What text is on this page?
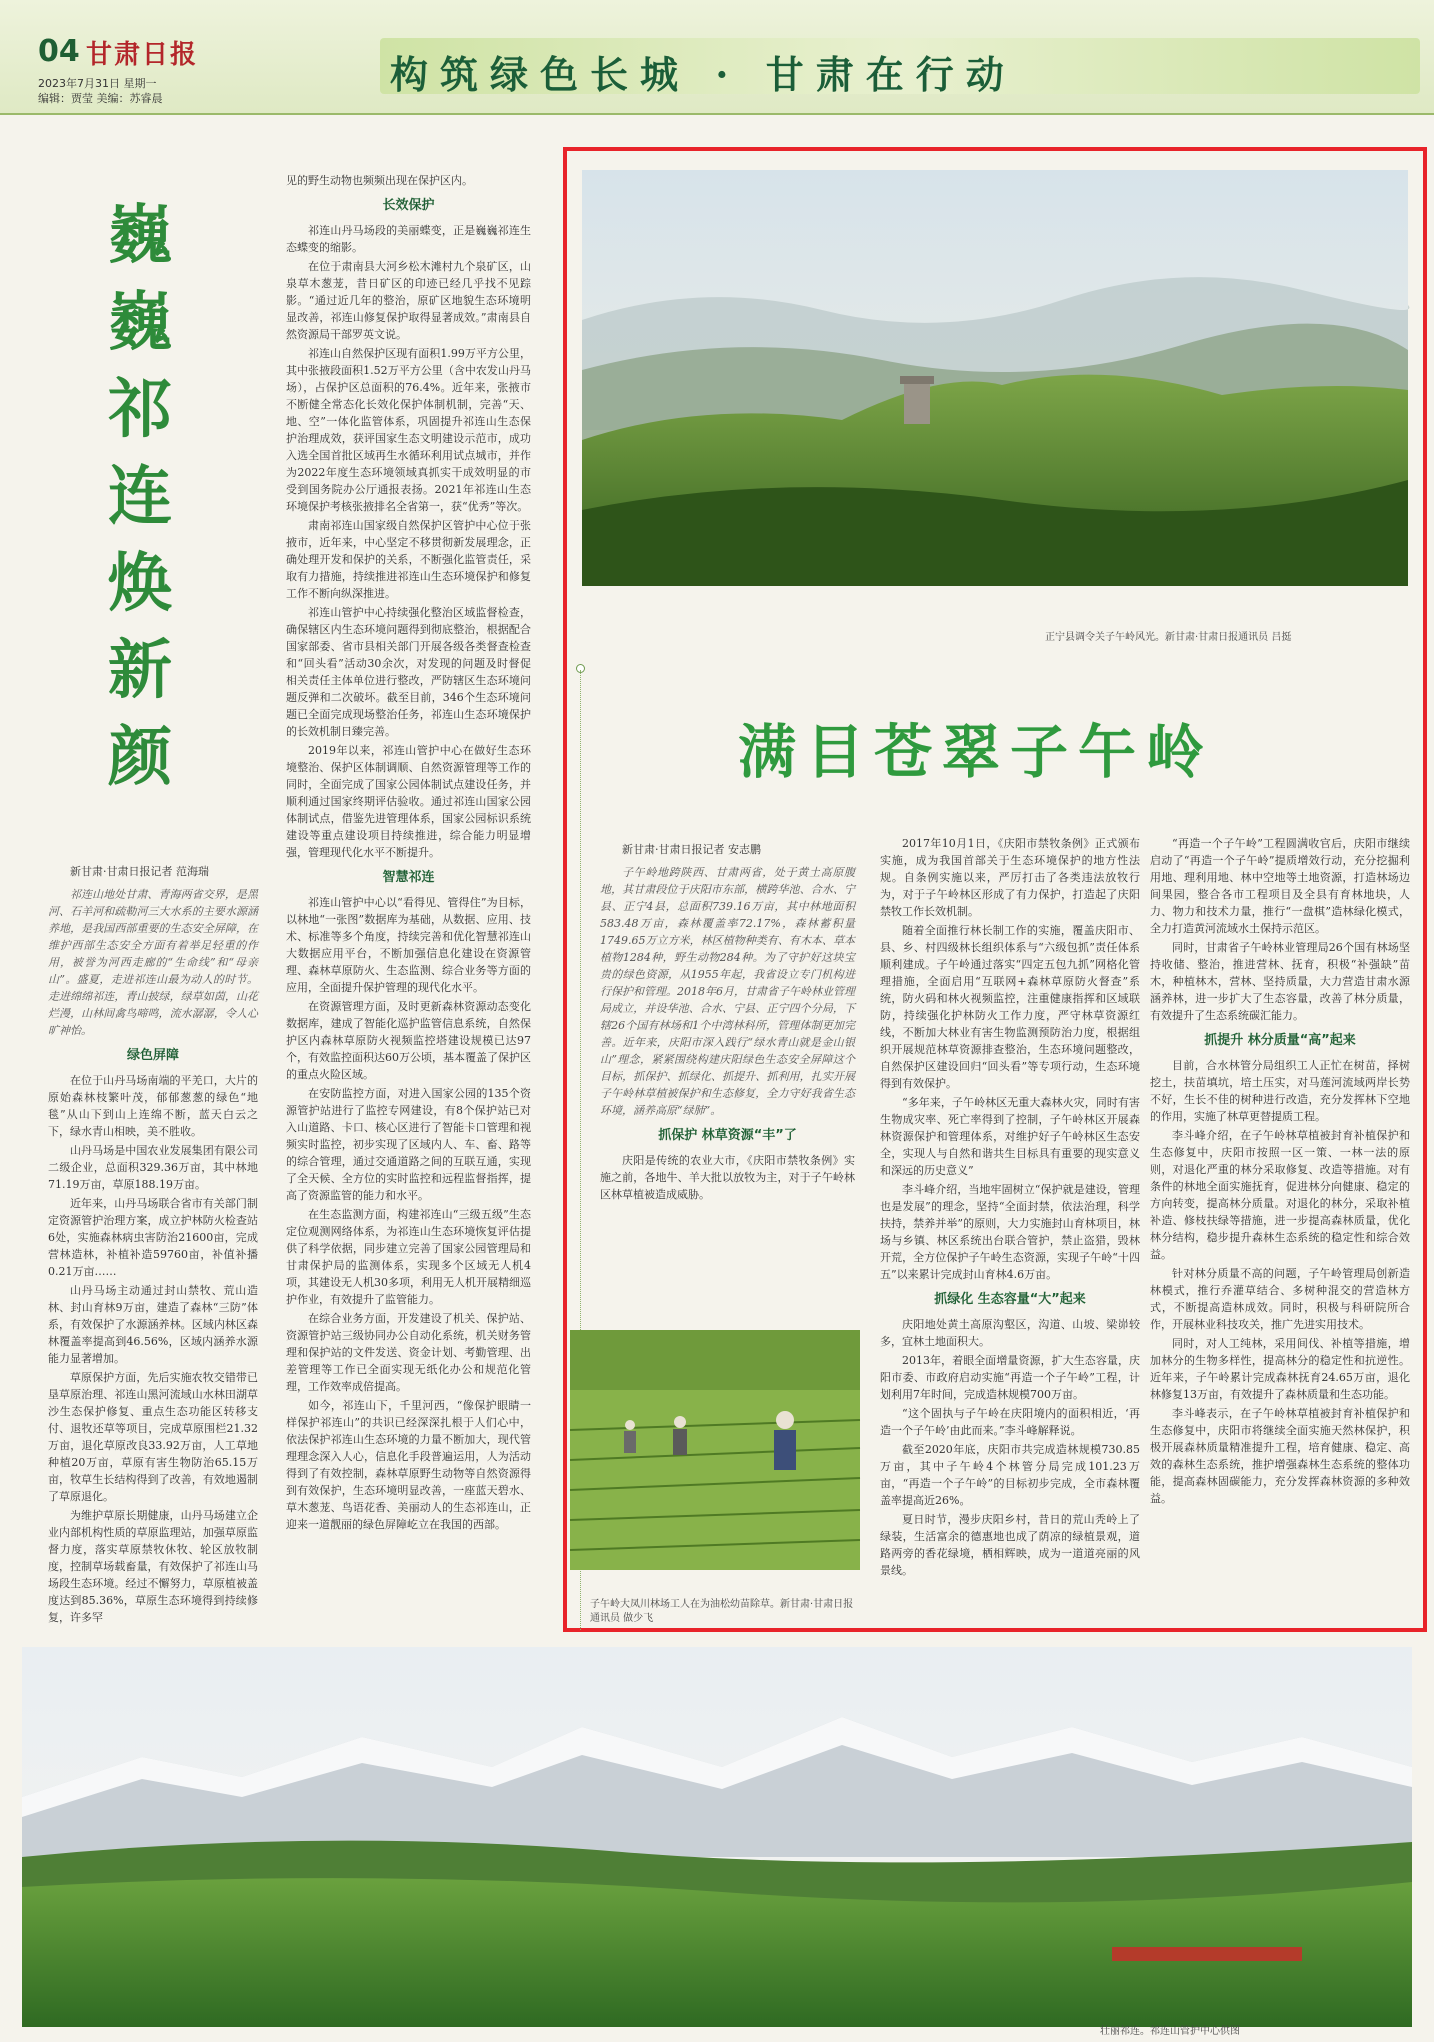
04 甘肃日报
2023年7月31日 星期一
编辑：贾莹 美编：苏睿晨
构筑绿色长城 · 甘肃在行动
巍
巍
祁
连
焕
新
颜
新甘肃·甘肃日报记者 范海瑞

祁连山地处甘肃、青海两省交界，是黑河、石羊河和疏勒河三大水系的主要水源涵养地，是我国西部重要的生态安全屏障，在维护西部生态安全方面有着举足轻重的作用，被誉为河西走廊的“生命线”和“母亲山”。盛夏，走进祁连山最为动人的时节。走进绵绵祁连，青山披绿，绿草如茵，山花烂漫，山林间禽鸟啼鸣，流水潺潺，令人心旷神怡。

绿色屏障

在位于山丹马场南端的平羌口，大片的原始森林枝繁叶茂，郁郁葱葱的绿色“地毯”从山下到山上连绵不断，蓝天白云之下，绿水青山相映，美不胜收。

山丹马场是中国农业发展集团有限公司二级企业，总面积329.36万亩，其中林地71.19万亩，草原188.19万亩。

近年来，山丹马场联合省市有关部门制定资源管护治理方案，成立护林防火检查站6处，实施森林病虫害防治21600亩，完成营林造林，补植补造59760亩，补值补播0.21万亩……

山丹马场主动通过封山禁牧、荒山造林、封山育林9万亩，建造了森林“三防”体系，有效保护了水源涵养林。区域内林区森林覆盖率提高到46.56%，区域内涵养水源能力显著增加。

草原保护方面，先后实施农牧交错带已垦草原治理、祁连山黑河流域山水林田湖草沙生态保护修复、重点生态功能区转移支付、退牧还草等项目，完成草原围栏21.32万亩，退化草原改良33.92万亩，人工草地种植20万亩，草原有害生物防治65.15万亩，牧草生长结构得到了改善，有效地遏制了草原退化。

为维护草原长期健康，山丹马场建立企业内部机构性质的草原监理站，加强草原监督力度，落实草原禁牧休牧、轮区放牧制度，控制草场载畜量，有效保护了祁连山马场段生态环境。经过不懈努力，草原植被盖度达到85.36%，草原生态环境得到持续修复，许多罕

见的野生动物也频频出现在保护区内。

长效保护

祁连山丹马场段的美丽蝶变，正是巍巍祁连生态蝶变的缩影。

在位于肃南县大河乡松木滩村九个泉矿区，山泉草木葱茏，昔日矿区的印迹已经几乎找不见踪影。“通过近几年的整治，原矿区地貌生态环境明显改善，祁连山修复保护取得显著成效。”肃南县自然资源局干部罗英文说。

祁连山自然保护区现有面积1.99万平方公里，其中张掖段面积1.52万平方公里（含中农发山丹马场），占保护区总面积的76.4%。近年来，张掖市不断健全常态化长效化保护体制机制，完善“天、地、空”一体化监管体系，巩固提升祁连山生态保护治理成效，获评国家生态文明建设示范市，成功入选全国首批区域再生水循环利用试点城市，并作为2022年度生态环境领域真抓实干成效明显的市受到国务院办公厅通报表扬。2021年祁连山生态环境保护考核张掖排名全省第一，获“优秀”等次。

肃南祁连山国家级自然保护区管护中心位于张掖市，近年来，中心坚定不移贯彻新发展理念，正确处理开发和保护的关系，不断强化监管责任，采取有力措施，持续推进祁连山生态环境保护和修复工作不断向纵深推进。

祁连山管护中心持续强化整治区域监督检查，确保辖区内生态环境问题得到彻底整治，根据配合国家部委、省市县相关部门开展各级各类督查检查和“回头看”活动30余次，对发现的问题及时督促相关责任主体单位进行整改，严防辖区生态环境问题反弹和二次破坏。截至目前，346个生态环境问题已全面完成现场整治任务，祁连山生态环境保护的长效机制日臻完善。

2019年以来，祁连山管护中心在做好生态环境整治、保护区体制调顺、自然资源管理等工作的同时，全面完成了国家公园体制试点建设任务，并顺利通过国家终期评估验收。通过祁连山国家公园体制试点，借鉴先进管理体系，国家公园标识系统建设等重点建设项目持续推进，综合能力明显增强，管理现代化水平不断提升。

智慧祁连

祁连山管护中心以“看得见、管得住”为目标，以林地“一张图”数据库为基础，从数据、应用、技术、标准等多个角度，持续完善和优化智慧祁连山大数据应用平台，不断加强信息化建设在资源管理、森林草原防火、生态监测、综合业务等方面的应用，全面提升保护管理的现代化水平。

在资源管理方面，及时更新森林资源动态变化数据库，建成了智能化巡护监管信息系统，自然保护区内森林草原防火视频监控塔建设规模已达97个，有效监控面积达60万公顷，基本覆盖了保护区的重点火险区域。

在安防监控方面，对进入国家公园的135个资源管护站进行了监控专网建设，有8个保护站已对入山道路、卡口、核心区进行了智能卡口管理和视频实时监控，初步实现了区域内人、车、畜、路等的综合管理，通过交通道路之间的互联互通，实现了全天候、全方位的实时监控和远程监督指挥，提高了资源监管的能力和水平。

在生态监测方面，构建祁连山“三级五级”生态定位观测网络体系，为祁连山生态环境恢复评估提供了科学依据，同步建立完善了国家公园管理局和甘肃保护局的监测体系，实现多个区域无人机4项，其建设无人机30多项，利用无人机开展精细巡护作业，有效提升了监管能力。

在综合业务方面，开发建设了机关、保护站、资源管护站三级协同办公自动化系统，机关财务管理和保护站的文件发送、资金计划、考勤管理、出差管理等工作已全面实现无纸化办公和规范化管理，工作效率成倍提高。

如今，祁连山下，千里河西，“像保护眼睛一样保护祁连山”的共识已经深深扎根于人们心中，依法保护祁连山生态环境的力量不断加大，现代管理理念深入人心，信息化手段普遍运用，人为活动得到了有效控制，森林草原野生动物等自然资源得到有效保护，生态环境明显改善，一座蓝天碧水、草木葱茏、鸟语花香、美丽动人的生态祁连山，正迎来一道靓丽的绿色屏障屹立在我国的西部。

正宁县调令关子午岭风光。新甘肃·甘肃日报通讯员 吕挺
满目苍翠子午岭
新甘肃·甘肃日报记者 安志鹏

子午岭地跨陕西、甘肃两省，处于黄土高原腹地，其甘肃段位于庆阳市东部，横跨华池、合水、宁县、正宁4县，总面积739.16万亩，其中林地面积583.48万亩，森林覆盖率72.17%，森林蓄积量1749.65万立方米，林区植物种类有、有木本、草本植物1284种，野生动物284种。为了守护好这块宝贵的绿色资源，从1955年起，我省设立专门机构进行保护和管理。2018年6月，甘肃省子午岭林业管理局成立，并设华池、合水、宁县、正宁四个分局，下辖26个国有林场和1个中湾林科所，管理体制更加完善。近年来，庆阳市深入践行“绿水青山就是金山银山”理念，紧紧围绕构建庆阳绿色生态安全屏障这个目标，抓保护、抓绿化、抓提升、抓利用，扎实开展子午岭林草植被保护和生态修复，全力守好我省生态环境，涵养高原“绿肺”。

抓保护 林草资源“丰”了

庆阳是传统的农业大市，《庆阳市禁牧条例》实施之前，各地牛、羊大批以放牧为主，对于子午岭林区林草植被造成威胁。

子午岭大凤川林场工人在为油松幼苗除草。新甘肃·甘肃日报通讯员 做少飞

2017年10月1日，《庆阳市禁牧条例》正式颁布实施，成为我国首部关于生态环境保护的地方性法规。自条例实施以来，严厉打击了各类违法放牧行为，对于子午岭林区形成了有力保护，打造起了庆阳禁牧工作长效机制。

随着全面推行林长制工作的实施，覆盖庆阳市、县、乡、村四级林长组织体系与“六级包抓”责任体系顺利建成。子午岭通过落实“四定五包九抓”网格化管理措施，全面启用“互联网+森林草原防火督查”系统，防火码和林火视频监控，注重健康指挥和区域联防，持续强化护林防火工作力度，严守林草资源红线，不断加大林业有害生物监测预防治力度，根据组织开展规范林草资源排查整治，生态环境问题整改，自然保护区建设回归“回头看”等专项行动，生态环境得到有效保护。

“多年来，子午岭林区无重大森林火灾，同时有害生物成灾率、死亡率得到了控制，子午岭林区开展森林资源保护和管理体系，对维护好子午岭林区生态安全，实现人与自然和谐共生目标具有重要的现实意义和深远的历史意义”

李斗峰介绍，当地牢固树立“保护就是建设，管理也是发展”的理念，坚持“全面封禁，依法治理，科学扶持，禁养并举”的原则，大力实施封山育林项目，林场与乡镇、林区系统出台联合管护，禁止盗猎，毁林开荒，全方位保护子午岭生态资源，实现子午岭“十四五”以来累计完成封山育林4.6万亩。

抓绿化 生态容量“大”起来

庆阳地处黄土高原沟壑区，沟道、山坡、梁峁较多，宜林土地面积大。

2013年，着眼全面增量资源，扩大生态容量，庆阳市委、市政府启动实施“再造一个子午岭”工程，计划利用7年时间，完成造林规模700万亩。

“这个固执与子午岭在庆阳境内的面积相近，‘再造一个子午岭’由此而来。”李斗峰解释说。

截至2020年底，庆阳市共完成造林规模730.85万亩，其中子午岭4个林管分局完成101.23万亩，“再造一个子午岭”的目标初步完成，全市森林覆盖率提高近26%。

夏日时节，漫步庆阳乡村，昔日的荒山秃岭上了绿装，生活富余的德惠地也成了荫凉的绿植景观，道路两旁的香花绿境，栖相辉映，成为一道道亮丽的风景线。

“再造一个子午岭”工程圆满收官后，庆阳市继续启动了“再造一个子午岭”提质增效行动，充分挖掘利用地、理利用地、林中空地等土地资源，打造林场边间果园，整合各市工程项目及全县有育林地块，人力、物力和技术力量，推行“一盘棋”造林绿化模式，全力打造黄河流域水土保持示范区。

同时，甘肃省子午岭林业管理局26个国有林场坚持收储、整治，推进营林、抚育，积极“补强缺”苗木，种植林木，营林、坚持质量，大力营造甘肃水源涵养林，进一步扩大了生态容量，改善了林分质量，有效提升了生态系统碳汇能力。

抓提升 林分质量“高”起来

目前，合水林管分局组织工人正忙在树苗，择树挖土，扶苗填坑，培土压实，对马莲河流域两岸长势不好，生长不佳的树种进行改造，充分发挥林下空地的作用，实施了林草更替提质工程。

李斗峰介绍，在子午岭林草植被封育补植保护和生态修复中，庆阳市按照一区一策、一林一法的原则，对退化严重的林分采取修复、改造等措施。对有条件的林地全面实施抚育，促进林分向健康、稳定的方向转变，提高林分质量。对退化的林分，采取补植补造、修枝扶绿等措施，进一步提高森林质量，优化林分结构，稳步提升森林生态系统的稳定性和综合效益。

针对林分质量不高的问题，子午岭管理局创新造林模式，推行乔灌草结合、多树种混交的营造林方式，不断提高造林成效。同时，积极与科研院所合作，开展林业科技攻关，推广先进实用技术。

同时，对人工纯林，采用间伐、补植等措施，增加林分的生物多样性，提高林分的稳定性和抗逆性。近年来，子午岭累计完成森林抚育24.65万亩，退化林修复13万亩，有效提升了森林质量和生态功能。

李斗峰表示，在子午岭林草植被封育补植保护和生态修复中，庆阳市将继续全面实施天然林保护，积极开展森林质量精准提升工程，培育健康、稳定、高效的森林生态系统，推护增强森林生态系统的整体功能，提高森林固碳能力，充分发挥森林资源的多种效益。

壮丽祁连。祁连山管护中心供图
